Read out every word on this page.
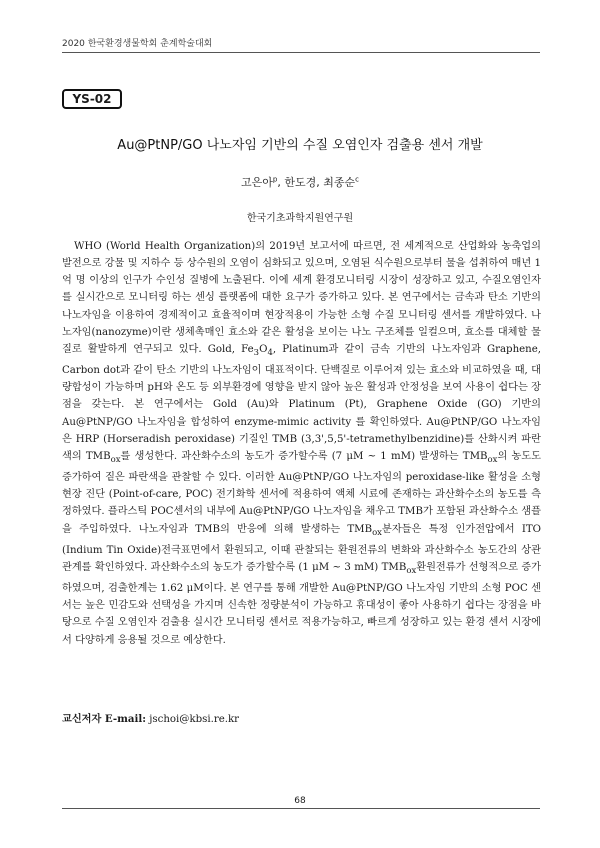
2020 한국환경생물학회 춘계학술대회
YS-02
Au@PtNP/GO 나노자임 기반의 수질 오염인자 검출용 센서 개발
고은아$^p$, 한도경, 최종순$^c$
한국기초과학지원연구원
WHO (World Health Organization)의 2019년 보고서에 따르면, 전 세계적으로 산업화와 농축업의 발전으로 강물 및 지하수 등 상수원의 오염이 심화되고 있으며, 오염된 식수원으로부터 물을 섭취하여 매년 1억 명 이상의 인구가 수인성 질병에 노출된다. 이에 세계 환경모니터링 시장이 성장하고 있고, 수질오염인자를 실시간으로 모니터링 하는 센싱 플랫폼에 대한 요구가 증가하고 있다. 본 연구에서는 금속과 탄소 기반의 나노자임을 이용하여 경제적이고 효율적이며 현장적용이 가능한 소형 수질 모니터링 센서를 개발하였다. 나노자임(nanozyme)이란 생체촉매인 효소와 같은 활성을 보이는 나노 구조체를 일컬으며, 효소를 대체할 물질로 활발하게 연구되고 있다. Gold, $Fe_3O_4$, Platinum과 같이 금속 기반의 나노자임과 Graphene, Carbon dot과 같이 탄소 기반의 나노자임이 대표적이다. 단백질로 이루어져 있는 효소와 비교하였을 때, 대량합성이 가능하며 pH와 온도 등 외부환경에 영향을 받지 않아 높은 활성과 안정성을 보여 사용이 쉽다는 장점을 갖는다. 본 연구에서는 Gold (Au)와 Platinum (Pt), Graphene Oxide (GO) 기반의 Au@PtNP/GO 나노자임을 합성하여 enzyme-mimic activity 를 확인하였다. Au@PtNP/GO 나노자임은 HRP (Horseradish peroxidase) 기질인 TMB (3,3',5,5'-tetramethylbenzidine)를 산화시켜 파란색의 $TMB_{ox}$를 생성한다. 과산화수소의 농도가 증가할수록 (7 μM ~ 1 mM) 발생하는 $TMB_{ox}$의 농도도 증가하여 짙은 파란색을 관찰할 수 있다. 이러한 Au@PtNP/GO 나노자임의 peroxidase-like 활성을 소형 현장 진단 (Point-of-care, POC) 전기화학 센서에 적용하여 액체 시료에 존재하는 과산화수소의 농도를 측정하였다. 플라스틱 POC센서의 내부에 Au@PtNP/GO 나노자임을 채우고 TMB가 포함된 과산화수소 샘플을 주입하였다. 나노자임과 TMB의 반응에 의해 발생하는 $TMB_{ox}$분자들은 특정 인가전압에서 ITO (Indium Tin Oxide)전극표면에서 환원되고, 이때 관찰되는 환원전류의 변화와 과산화수소 농도간의 상관관계를 확인하였다. 과산화수소의 농도가 증가할수록 (1 μM ~ 3 mM) $TMB_{ox}$환원전류가 선형적으로 증가하였으며, 검출한계는 1.62 μM이다. 본 연구를 통해 개발한 Au@PtNP/GO 나노자임 기반의 소형 POC 센서는 높은 민감도와 선택성을 가지며 신속한 정량분석이 가능하고 휴대성이 좋아 사용하기 쉽다는 장점을 바탕으로 수질 오염인자 검출용 실시간 모니터링 센서로 적용가능하고, 빠르게 성장하고 있는 환경 센서 시장에서 다양하게 응용될 것으로 예상한다.
교신저자 E-mail: jschoi@kbsi.re.kr
68
